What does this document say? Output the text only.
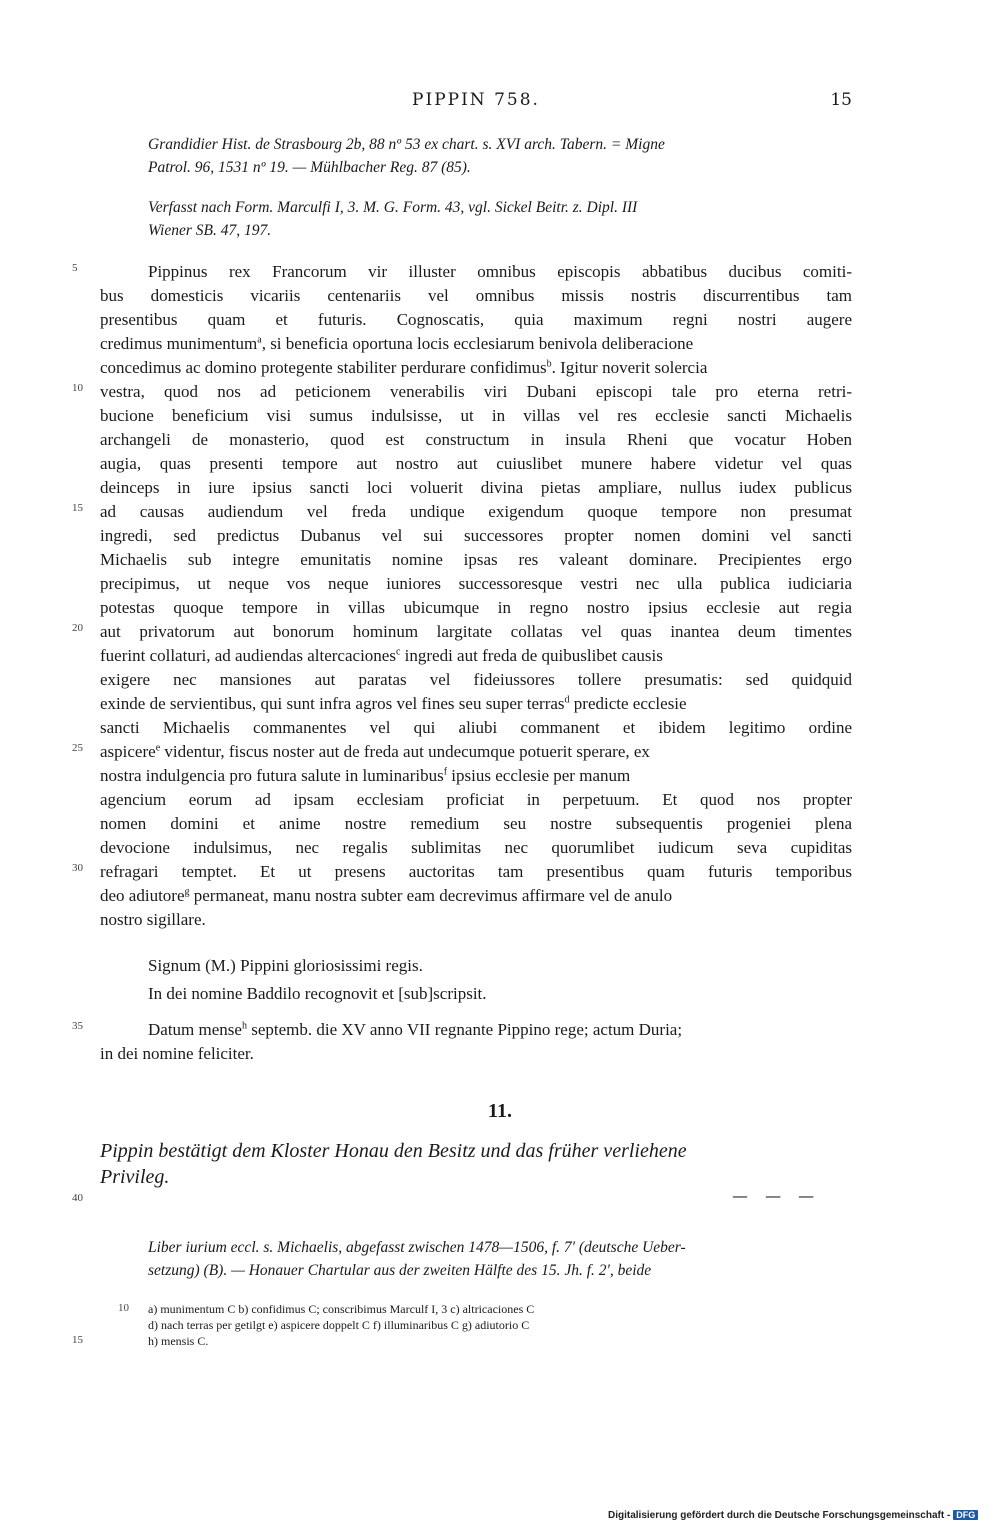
PIPPIN 758.	15
Grandidier Hist. de Strasbourg 2b, 88 nº 53 ex chart. s. XVI arch. Tabern. = Migne
Patrol. 96, 1531 nº 19. — Mühlbacher Reg. 87 (85).
Verfasst nach Form. Marculfi I, 3. M. G. Form. 43, vgl. Sickel Beitr. z. Dipl. III
Wiener SB. 47, 197.
5	Pippinus rex Francorum vir illuster omnibus episcopis abbatibus ducibus comiti-
bus domesticis vicariis centenariis vel omnibus missis nostris discurrentibus tam
presentibus quam et futuris. Cognoscatis, quia maximum regni nostri augere
credimus munimentum$^a$, si beneficia oportuna locis ecclesiarum benivola deliberacione
concedimus ac domino protegente stabiliter perdurare confidimus$^b$. Igitur noverit solercia
10	vestra, quod nos ad peticionem venerabilis viri Dubani episcopi tale pro eterna retri-
bucione beneficium visi sumus indulsisse, ut in villas vel res ecclesie sancti Michaelis
archangeli de monasterio, quod est constructum in insula Rheni que vocatur Hoben
augia, quas presenti tempore aut nostro aut cuiuslibet munere habere videtur vel quas
deinceps in iure ipsius sancti loci voluerit divina pietas ampliare, nullus iudex publicus
15	ad causas audiendum vel freda undique exigendum quoque tempore non presumat
ingredi, sed predictus Dubanus vel sui successores propter nomen domini vel sancti
Michaelis sub integre emunitatis nomine ipsas res valeant dominare. Precipientes ergo
precipimus, ut neque vos neque iuniores successoresque vestri nec ulla publica iudiciaria
potestas quoque tempore in villas ubicumque in regno nostro ipsius ecclesie aut regia
20	aut privatorum aut bonorum hominum largitate collatas vel quas inantea deum timentes
fuerint collaturi, ad audiendas altercaciones$^c$ ingredi aut freda de quibuslibet causis
exigere nec mansiones aut paratas vel fideiussores tollere presumatis: sed quidquid
exinde de servientibus, qui sunt infra agros vel fines seu super terras$^d$ predicte ecclesie
sancti Michaelis commanentes vel qui aliubi commanent et ibidem legitimo ordine
25	aspicere$^e$ videntur, fiscus noster aut de freda aut undecumque potuerit sperare, ex
nostra indulgencia pro futura salute in luminaribus$^f$ ipsius ecclesie per manum
agencium eorum ad ipsam ecclesiam proficiat in perpetuum. Et quod nos propter
nomen domini et anime nostre remedium seu nostre subsequentis progeniei plena
devocione indulsimus, nec regalis sublimitas nec quorumlibet iudicum seva cupiditas
30	refragari temptet. Et ut presens auctoritas tam presentibus quam futuris temporibus
deo adiutore$^g$ permaneat, manu nostra subter eam decrevimus affirmare vel de anulo
nostro sigillare.
Signum (M.) Pippini gloriosissimi regis.
In dei nomine Baddilo recognovit et [sub]scripsit.
35	Datum mense$^h$ septemb. die XV anno VII regnante Pippino rege; actum Duria;
in dei nomine feliciter.
11.
Pippin bestätigt dem Kloster Honau den Besitz und das früher verliehene
Privileg.
40	— — —
Liber iurium eccl. s. Michaelis, abgefasst zwischen 1478—1506, f. 7' (deutsche Ueber-
setzung) (B). — Honauer Chartular aus der zweiten Hälfte des 15. Jh. f. 2', beide
10	a) munimentum C b) confidimus C; conscribimus Marculf I, 3 c) altricaciones C
d) nach terras per getilgt e) aspicere doppelt C f) illuminaribus C g) adiutorio C
15	h) mensis C.
Digitalisierung gefördert durch die Deutsche Forschungsgemeinschaft - DFG
